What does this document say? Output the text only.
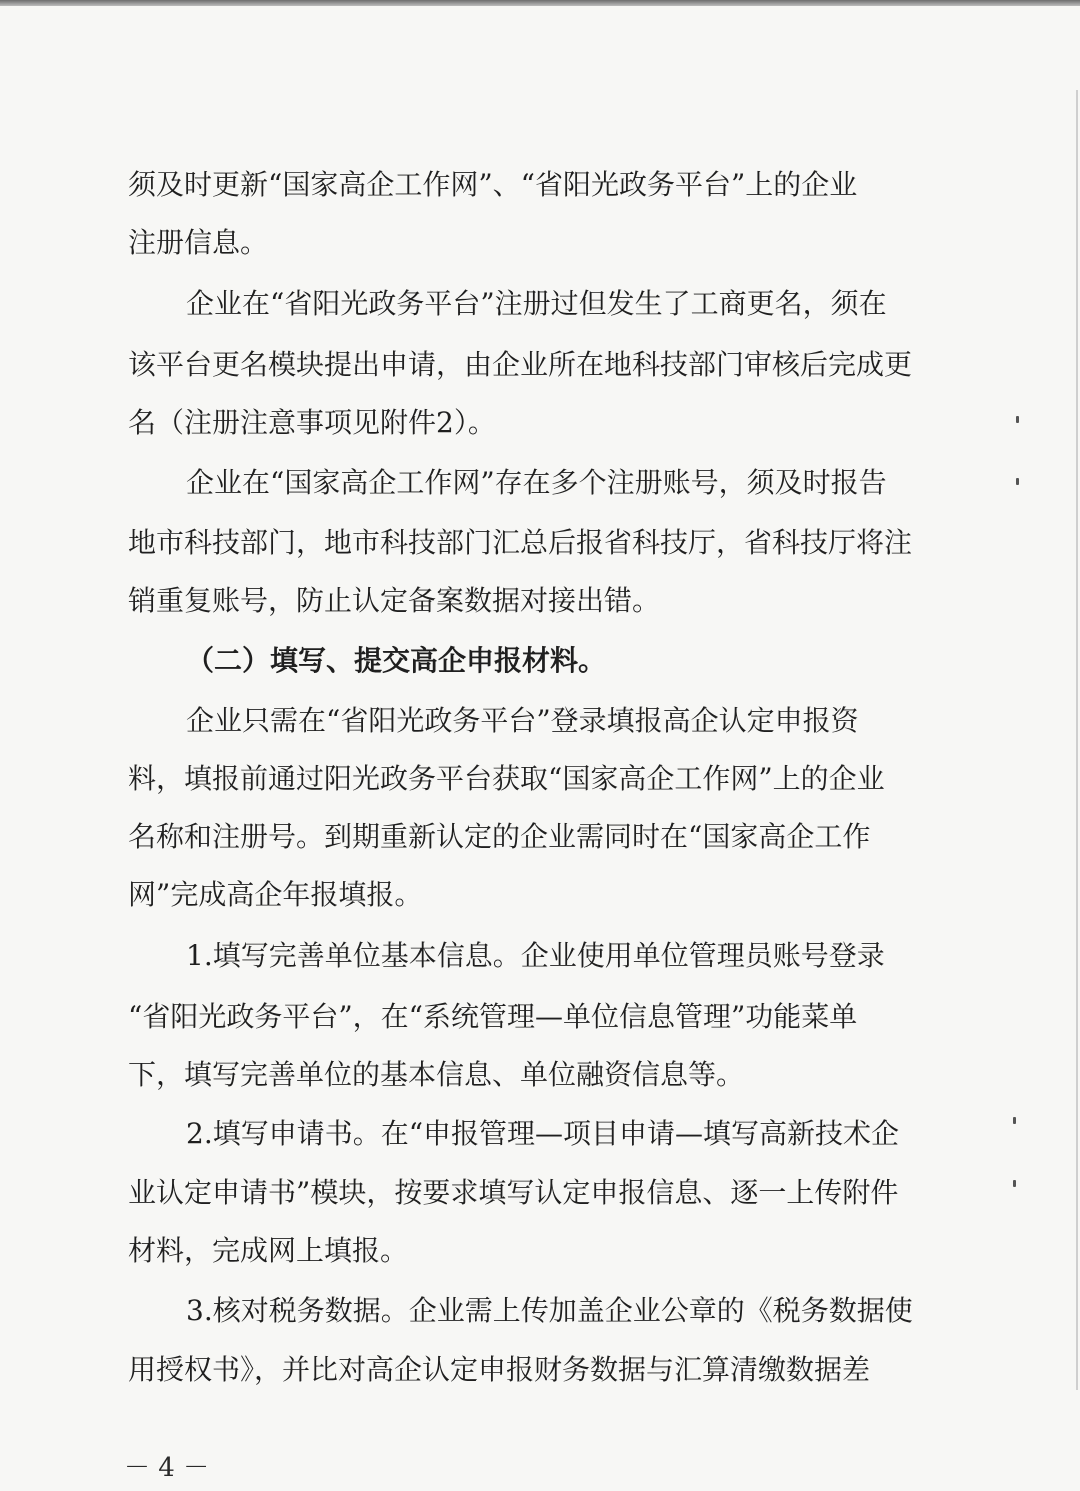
须及时更新“国家高企工作网”、“省阳光政务平台”上的企业
注册信息。
企业在“省阳光政务平台”注册过但发生了工商更名，须在
该平台更名模块提出申请，由企业所在地科技部门审核后完成更
名（注册注意事项见附件2）。
企业在“国家高企工作网”存在多个注册账号，须及时报告
地市科技部门，地市科技部门汇总后报省科技厅，省科技厅将注
销重复账号，防止认定备案数据对接出错。
（二）填写、提交高企申报材料。
企业只需在“省阳光政务平台”登录填报高企认定申报资
料，填报前通过阳光政务平台获取“国家高企工作网”上的企业
名称和注册号。到期重新认定的企业需同时在“国家高企工作
网”完成高企年报填报。
1.填写完善单位基本信息。企业使用单位管理员账号登录
“省阳光政务平台”，在“系统管理—单位信息管理”功能菜单
下，填写完善单位的基本信息、单位融资信息等。
2.填写申请书。在“申报管理—项目申请—填写高新技术企
业认定申请书”模块，按要求填写认定申报信息、逐一上传附件
材料，完成网上填报。
3.核对税务数据。企业需上传加盖企业公章的《税务数据使
用授权书》，并比对高企认定申报财务数据与汇算清缴数据差
－ 4 －
